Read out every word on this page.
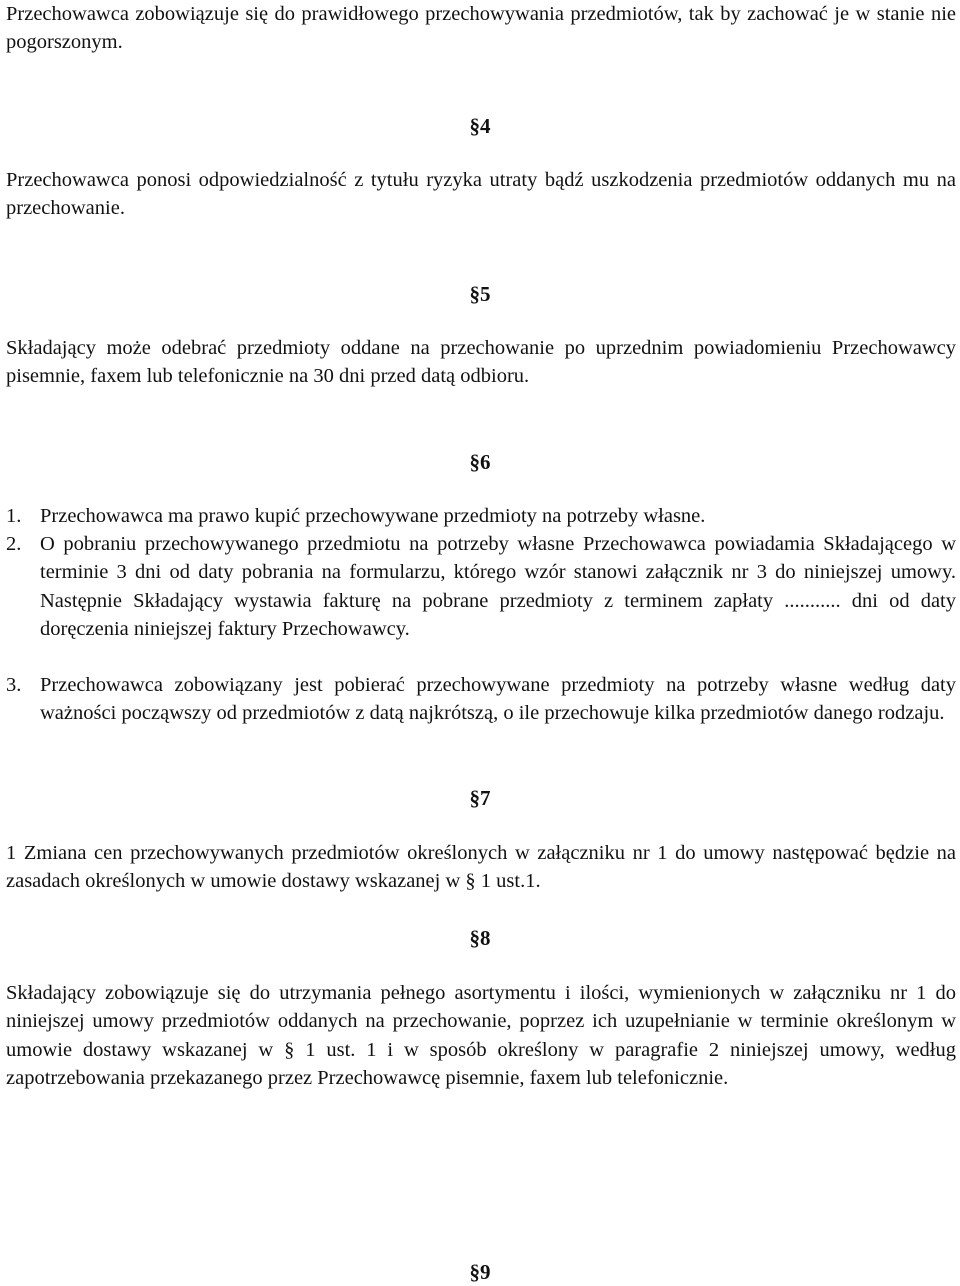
Przechowawca zobowiązuje się do prawidłowego przechowywania przedmiotów, tak by zachować je w stanie nie pogorszonym.

§4

Przechowawca ponosi odpowiedzialność z tytułu ryzyka utraty bądź uszkodzenia przedmiotów oddanych mu na przechowanie.

§5

Składający może odebrać przedmioty oddane na przechowanie po uprzednim powiadomieniu Przechowawcy pisemnie, faxem lub telefonicznie na 30 dni przed datą odbioru.

§6

1. Przechowawca ma prawo kupić przechowywane przedmioty na potrzeby własne.
2. O pobraniu przechowywanego przedmiotu na potrzeby własne Przechowawca powiadamia Składającego w terminie 3 dni od daty pobrania na formularzu, którego wzór stanowi załącznik nr 3 do niniejszej umowy. Następnie Składający wystawia fakturę na pobrane przedmioty z terminem zapłaty ........... dni od daty doręczenia niniejszej faktury Przechowawcy.
3. Przechowawca zobowiązany jest pobierać przechowywane przedmioty na potrzeby własne według daty ważności począwszy od przedmiotów z datą najkrótszą, o ile przechowuje kilka przedmiotów danego rodzaju.

§7

1 Zmiana cen przechowywanych przedmiotów określonych w załączniku nr 1 do umowy następować będzie na zasadach określonych w umowie dostawy wskazanej w § 1 ust.1.

§8

Składający zobowiązuje się do utrzymania pełnego asortymentu i ilości, wymienionych w załączniku nr 1 do niniejszej umowy przedmiotów oddanych na przechowanie, poprzez ich uzupełnianie w terminie określonym w umowie dostawy wskazanej w § 1 ust. 1 i w sposób określony w paragrafie 2 niniejszej umowy, według zapotrzebowania przekazanego przez Przechowawcę pisemnie, faxem lub telefonicznie.

§9
